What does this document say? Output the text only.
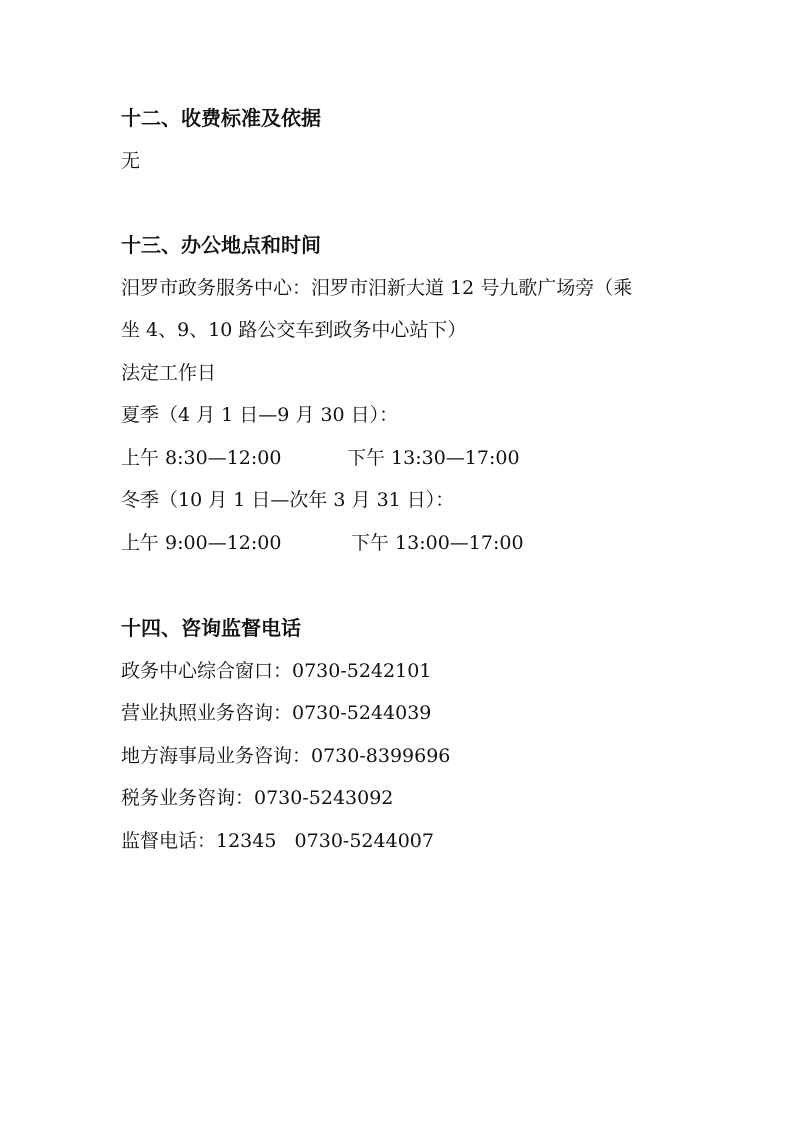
十二、收费标准及依据
无
十三、办公地点和时间
汨罗市政务服务中心：汨罗市汨新大道 12 号九歌广场旁（乘
坐 4、9、10 路公交车到政务中心站下）
法定工作日
夏季（4 月 1 日—9 月 30 日）：

上午 8:30—12:00

	下午 13:30—17:00

冬季（10 月 1 日—次年 3 月 31 日）：

上午 9:00—12:00

	下午 13:00—17:00

十四、咨询监督电话
政务中心综合窗口：0730-5242101
营业执照业务咨询：0730-5244039
地方海事局业务咨询：0730-8399696
税务业务咨询：0730-5243092
监督电话：12345   0730-5244007
